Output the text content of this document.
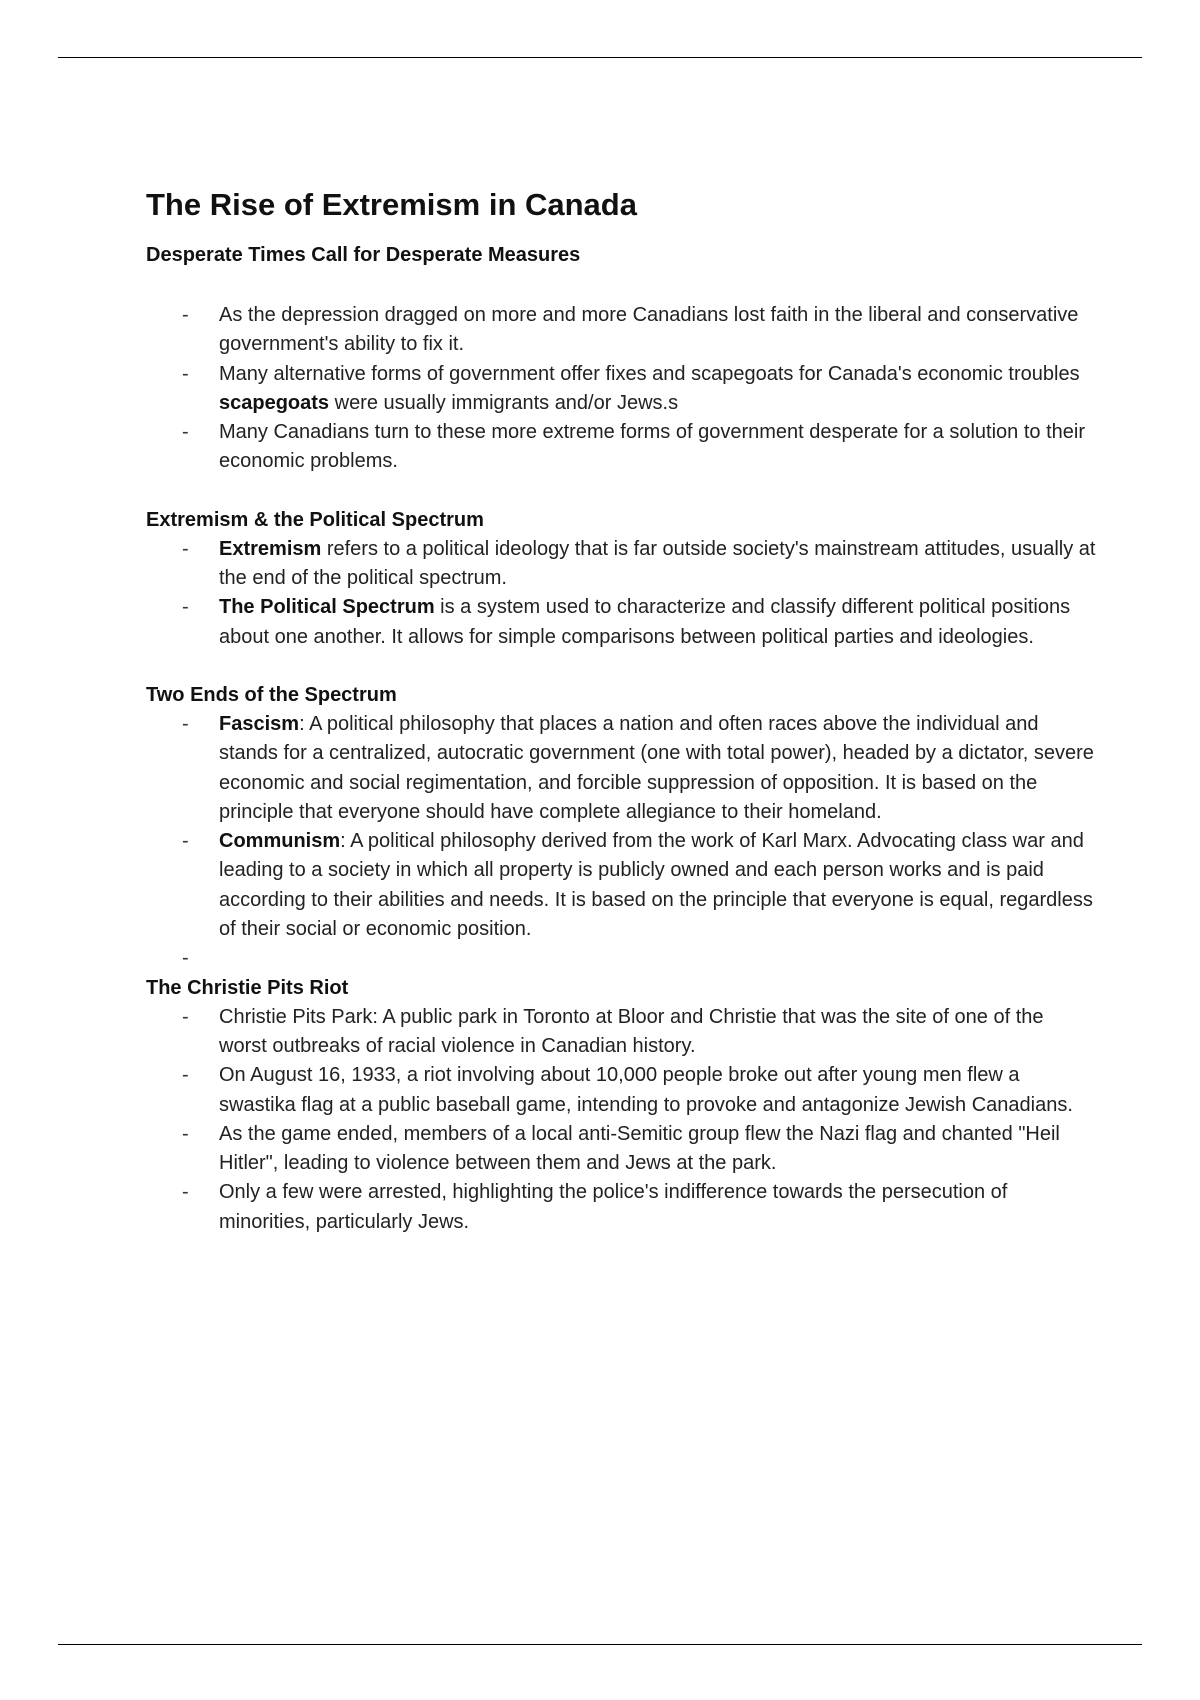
The Rise of Extremism in Canada
Desperate Times Call for Desperate Measures
- As the depression dragged on more and more Canadians lost faith in the liberal and conservative government's ability to fix it.
- Many alternative forms of government offer fixes and scapegoats for Canada's economic troubles scapegoats were usually immigrants and/or Jews.s
- Many Canadians turn to these more extreme forms of government desperate for a solution to their economic problems.
Extremism & the Political Spectrum
- Extremism refers to a political ideology that is far outside society's mainstream attitudes, usually at the end of the political spectrum.
- The Political Spectrum is a system used to characterize and classify different political positions about one another. It allows for simple comparisons between political parties and ideologies.
Two Ends of the Spectrum
- Fascism: A political philosophy that places a nation and often races above the individual and stands for a centralized, autocratic government (one with total power), headed by a dictator, severe economic and social regimentation, and forcible suppression of opposition. It is based on the principle that everyone should have complete allegiance to their homeland.
- Communism: A political philosophy derived from the work of Karl Marx. Advocating class war and leading to a society in which all property is publicly owned and each person works and is paid according to their abilities and needs. It is based on the principle that everyone is equal, regardless of their social or economic position.
-
The Christie Pits Riot
- Christie Pits Park: A public park in Toronto at Bloor and Christie that was the site of one of the worst outbreaks of racial violence in Canadian history.
- On August 16, 1933, a riot involving about 10,000 people broke out after young men flew a swastika flag at a public baseball game, intending to provoke and antagonize Jewish Canadians.
- As the game ended, members of a local anti-Semitic group flew the Nazi flag and chanted "Heil Hitler", leading to violence between them and Jews at the park.
- Only a few were arrested, highlighting the police's indifference towards the persecution of minorities, particularly Jews.
